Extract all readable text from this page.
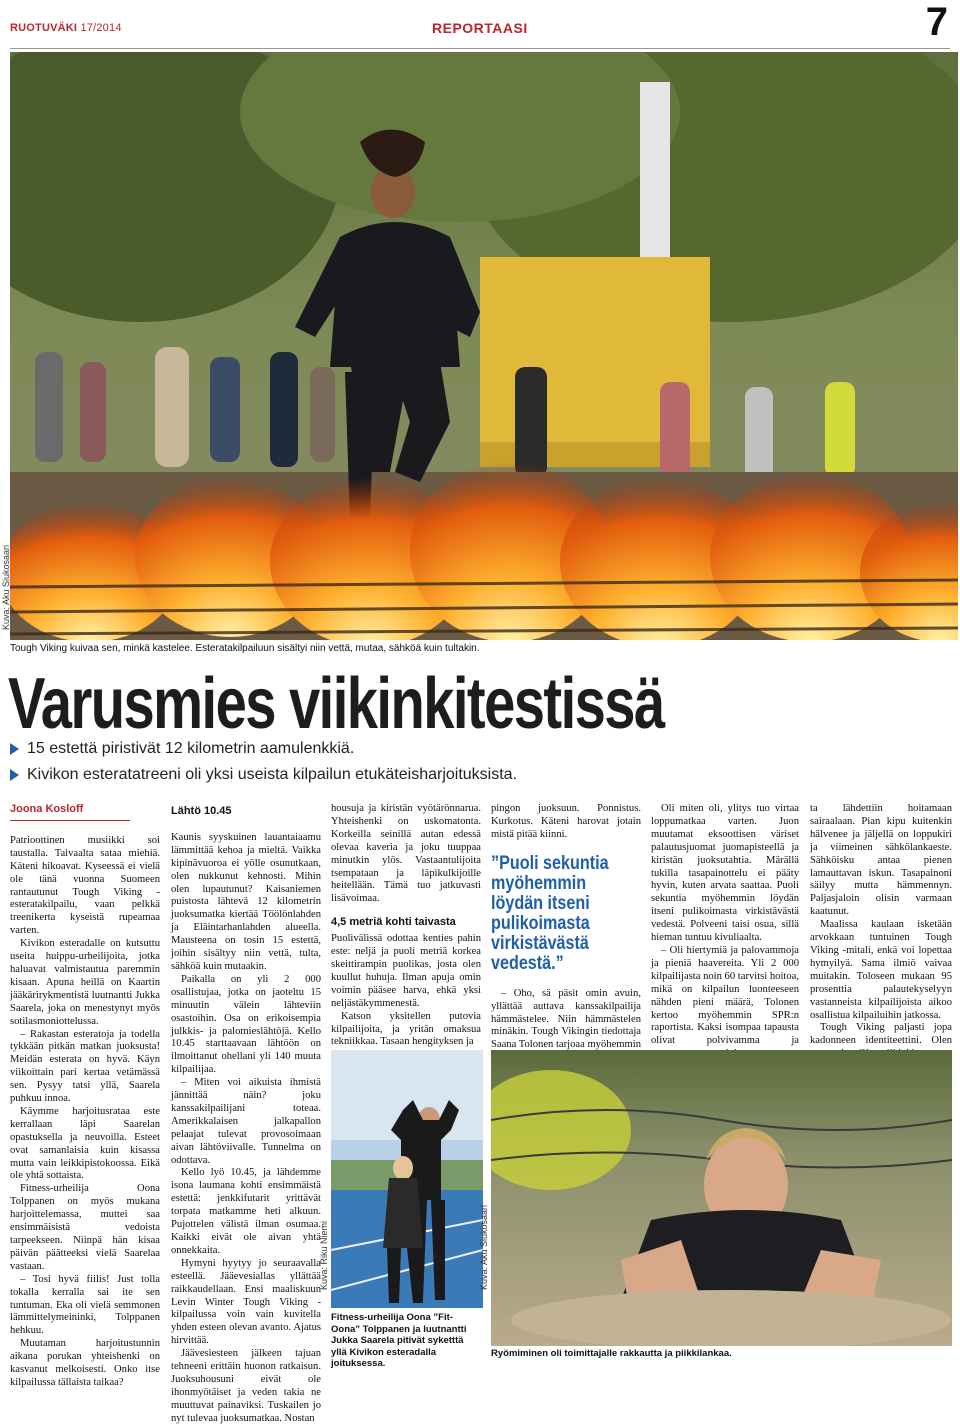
RUOTUVÄKI 17/2014	REPORTAASI	7
Kuva: Aku Siukosaari
Tough Viking kuivaa sen, minkä kastelee. Esteratakilpailuun sisältyi niin vettä, mutaa, sähköä kuin tultakin.
Varusmies viikinkitestissä
15 estettä piristivät 12 kilometrin aamulenkkiä.
Kivikon esteratatreeni oli yksi useista kilpailun etukäteisharjoituksista.
Joona Kosloff

Patrioottinen musiikki soi taustalla. Taivaalta sataa miehiä. Käteni hikoavat. Kyseessä ei vielä ole tänä vuonna Suomeen rantautunut Tough Viking -esteratakilpailu, vaan pelkkä treenikerta kyseistä rupeamaa varten.

Kivikon esteradalle on kutsuttu useita huippu-urheilijoita, jotka haluavat valmistautua paremmin kisaan. Apuna heillä on Kaartin jääkärirykmentistä luutnantti Jukka Saarela, joka on menestynyt myös sotilasmoniottelussa.

– Rakastan esteratoja ja todella tykkään pitkän matkan juoksusta! Meidän esterata on hyvä. Käyn viikoittain pari kertaa vetämässä sen. Pysyy tatsi yllä, Saarela puhkuu innoa.

Käymme harjoitusrataa este kerrallaan läpi Saarelan opastuksella ja neuvoilla. Esteet ovat samanlaisia kuin kisassa mutta vain leikkipistokoossa. Eikä ole yhtä sottaista.

Fitness-urheilija Oona Tolppanen on myös mukana harjoittelemassa, muttei saa ensimmäisistä vedoista tarpeekseen. Niinpä hän kisaa päivän päätteeksi vielä Saarelaa vastaan.

– Tosi hyvä fiilis! Just tolla tokalla kerralla sai ite sen tuntuman. Eka oli vielä semmonen lämmittelymeininki, Tolppanen hehkuu.

Muutaman harjoitustunnin aikana porukan yhteishenki on kasvanut melkoisesti. Onko itse kilpailussa tällaista taikaa?

Lähtö 10.45

Kaunis syyskuinen lauantaiaamu lämmittää kehoa ja mieltä. Vaikka kipinävuoroa ei yölle osunutkaan, olen nukkunut kehnosti. Mihin olen lupautunut? Kaisaniemen puistosta lähtevä 12 kilometrin juoksumatka kiertää Töölönlahden ja Eläintarhanlahden alueella. Mausteena on tosin 15 estettä, joihin sisältyy niin vettä, tulta, sähköä kuin mutaakin.

Paikalla on yli 2 000 osallistujaa, jotka on jaoteltu 15 minuutin välein lähteviin osastoihin. Osa on erikoisempia julkkis- ja palomieslähtöjä. Kello 10.45 starttaavaan lähtöön on ilmoittanut ohellani yli 140 muuta kilpailijaa.

– Miten voi aikuista ihmistä jännittää näin? joku kanssakilpailijani toteaa. Amerikkalaisen jalkapallon pelaajat tulevat provosoimaan aivan lähtöviivalle. Tunnelma on odottava.

Kello lyö 10.45, ja lähdemme isona laumana kohti ensimmäistä estettä: jenkkifutarit yrittävät torpata matkamme heti alkuun. Pujottelen välistä ilman osumaa. Kaikki eivät ole aivan yhtä onnekkaita.

Hymyni hyytyy jo seuraavalla esteellä. Jääevesiallas yllättää raikkaudellaan. Ensi maaliskuun Levin Winter Tough Viking -kilpailussa voin vain kuvitella yhden esteen olevan avanto. Ajatus hirvittää.

Jäävesiesteen jälkeen tajuan tehneeni erittäin huonon ratkaisun. Juoksuhousuni eivät ole ihonmyötäiset ja veden takia ne muuttuvat painaviksi. Tuskailen jo nyt tulevaa juoksumatkaa. Nostan

housuja ja kiristän vyötärönnarua. Yhteishenki on uskomatonta. Korkeilla seinillä autan edessä olevaa kaveria ja joku tuuppaa minutkin ylös. Vastaantulijoita tsempataan ja läpikulkijoille heitellään. Tämä tuo jatkuvasti lisävoimaa.

4,5 metriä kohti taivasta

Puolivälissä odottaa kenties pahin este: neljä ja puoli metriä korkea skeittirampin puolikas, josta olen kuullut huhuja. Ilman apuja omin voimin pääsee harva, ehkä yksi neljästäkymmenestä.

Katson yksitellen putovia kilpailijoita, ja yritän omaksua tekniikkaa. Tasaan hengityksen ja

pingon juoksuun. Ponnistus. Kurkotus. Käteni harovat jotain mistä pitää kiinni.

”Puoli sekuntia myöhemmin löydän itseni pulikoimasta virkistävästä vedestä.”

– Oho, sä päsit omin avuin, yllättää auttava kanssakilpailija hämmästelee. Niin hämmästelen minäkin. Tough Vikingin tiedottaja Saana Tolonen tarjoaa myöhemmin

Oli miten oli, ylitys tuo virtaa loppumatkaa varten. Juon muutamat eksoottisen väriset palautusjuomat juomapisteellä ja kiristän juoksutahtia. Märällä tukilla tasapainottelu ei pääty hyvin, kuten arvata saattaa. Puoli sekuntia myöhemmin löydän itseni pulikoimasta virkistävästä vedestä. Polveeni taisi osua, sillä hieman tuntuu kivuliaalta.

– Oli hiertymiä ja palovammoja ja pieniä haavereita. Yli 2 000 kilpailijasta noin 60 tarvitsi hoitoa, mikä on kilpailun luonteeseen nähden pieni määrä, Tolonen kertoo myöhemmin SPR:n raportista. Kaksi isompaa tapausta olivat polvivamma ja

ta lähdettiin hoitamaan sairaalaan. Pian kipu kuitenkin hälvenee ja jäljellä on loppukiri ja viimeinen sähkölankaeste. Sähköisku antaa pienen lamauttavan iskun. Tasapainoni säilyy mutta hämmennyn. Paljasjaloin olisin varmaan kaatunut.

Maalissa kaulaan isketään arvokkaan tuntuinen Tough Viking -mitali, enkä voi lopettaa hymyilyä. Sama ilmiö vaivaa muitakin. Toloseen mukaan 95 prosenttia palautekyselyyn vastanneista kilpailijoista aikoo osallistua kilpailuihin jatkossa.

Tough Viking paljasti jopa kadonneen identiteettini. Olen

Kuva: Riku Niemi
Fitness-urheilija Oona ”Fit-Oona” Tolppanen ja luutnantti Jukka Saarela pitivät syketttä yllä Kivikon esteradalla joituksessa.
Kuva: Aku Siukosaari
Ryömiminen oli toimittajalle rakkautta ja piikkilankaa.
